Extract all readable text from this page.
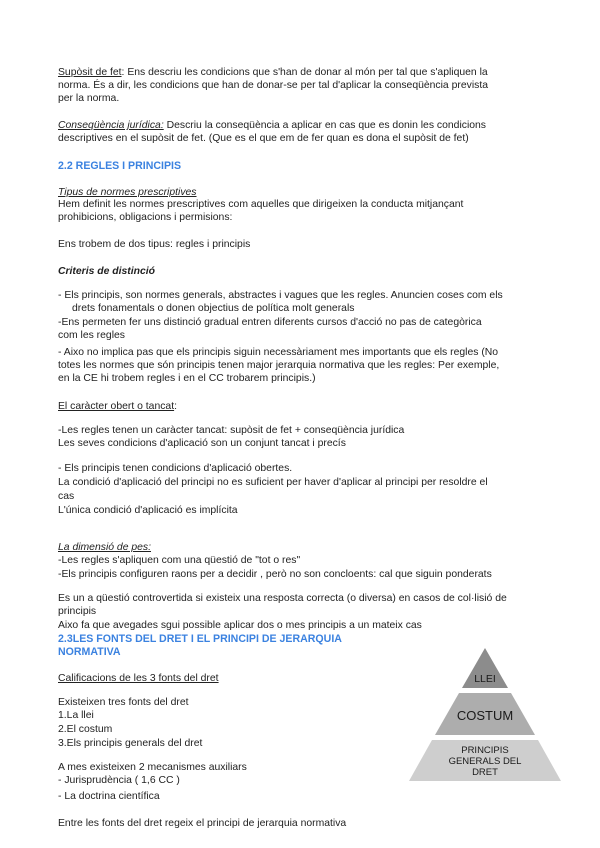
Supòsit de fet: Ens descriu les condicions que s'han de donar al món per tal que s'apliquen la

norma. És a dir, les condicions que han de donar-se per tal d'aplicar la conseqüència prevista

per la norma.

Conseqüència jurídica: Descriu la conseqüència a aplicar en cas que es donin les condicions

descriptives en el supòsit de fet. (Que es el que em de fer quan es dona el supòsit de fet)

2.2 REGLES I PRINCIPIS

Tipus de normes prescriptives

Hem definit les normes prescriptives com aquelles que dirigeixen la conducta mitjançant

prohibicions, obligacions i permisions:

Ens trobem de dos tipus: regles i principis

Criteris de distinció

- Els principis, son normes generals, abstractes i vagues que les regles. Anuncien coses com els

drets fonamentals o donen objectius de política molt generals

-Ens permeten fer uns distinció gradual entren diferents cursos d'acció no pas de categòrica

com les regles

- Aixo no implica pas que els principis siguin necessàriament mes importants que els regles (No

totes les normes que són principis tenen major jerarquia normativa que les regles: Per exemple,

en la CE hi trobem regles i en el CC trobarem principis.)

El caràcter obert o tancat:

-Les regles tenen un caràcter tancat: supòsit de fet + conseqüència jurídica

Les seves condicions d'aplicació son un conjunt tancat i precís

- Els principis tenen condicions d'aplicació obertes.

La condició d'aplicació del principi no es suficient per haver d'aplicar al principi per resoldre el

cas

L'única condició d'aplicació es implícita

La dimensió de pes:

-Les regles s'apliquen com una qüestió de "tot o res"

-Els principis configuren raons per a decidir , però no son concloents: cal que siguin ponderats

Es un a qüestió controvertida si existeix una resposta correcta (o diversa) en casos de col·lisió de

principis

Aixo fa que avegades sgui possible aplicar dos o mes principis a un mateix cas

2.3LES FONTS DEL DRET I EL PRINCIPI DE JERARQUIA

NORMATIVA

Calificacions de les 3 fonts del dret

Existeixen tres fonts del dret

1.La llei

2.El costum

3.Els principis generals del dret

A mes existeixen 2 mecanismes auxiliars

- Jurisprudència ( 1,6 CC )

- La doctrina científica

Entre les fonts del dret regeix el principi de jerarquia normativa

LLEI
COSTUM
PRINCIPIS
GENERALS DEL
DRET
